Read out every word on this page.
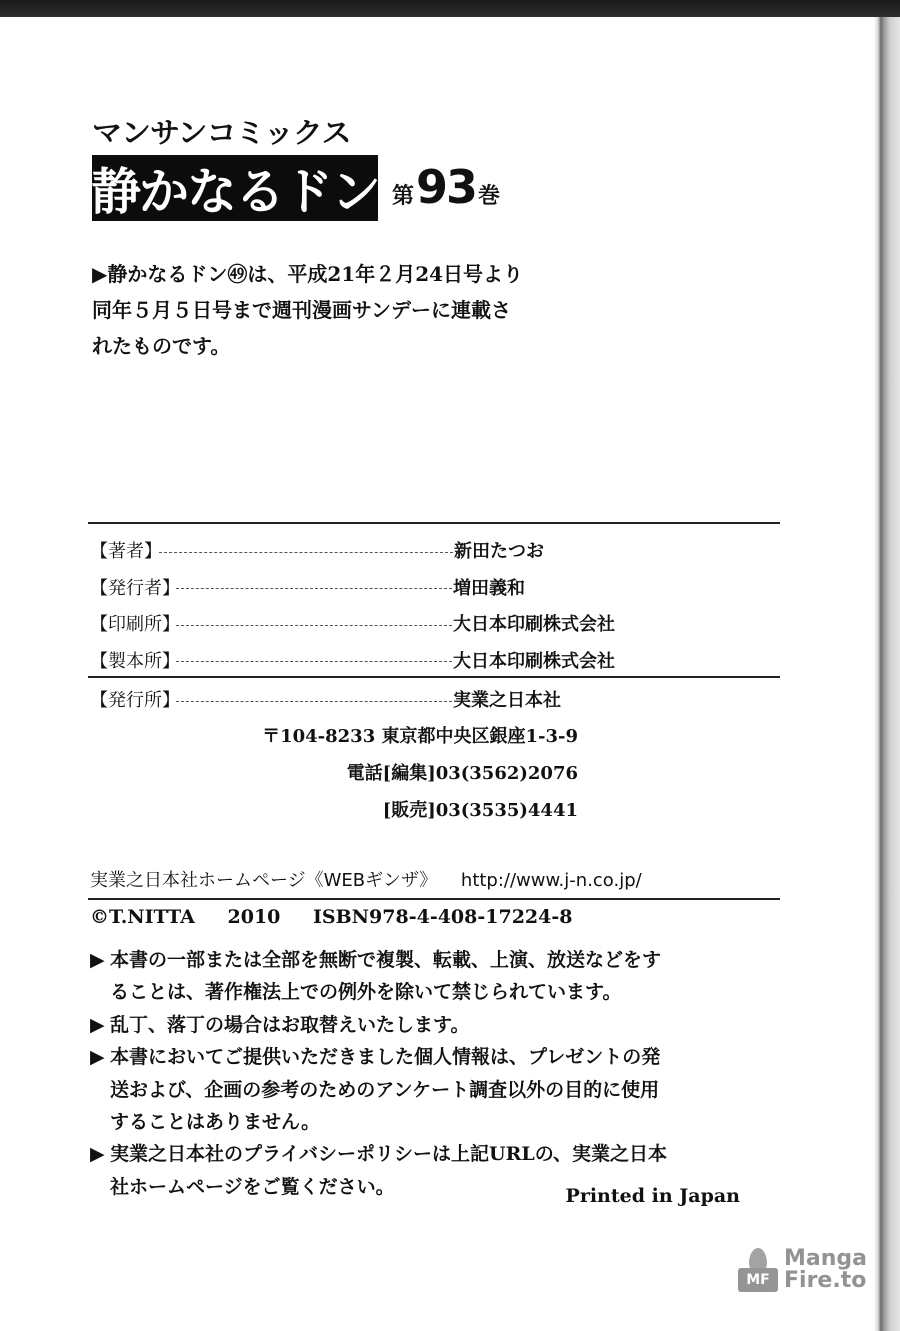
マンサンコミックス
静かなるドン 第 93 巻
▶静かなるドン㊾は、平成21年２月24日号より
同年５月５日号まで週刊漫画サンデーに連載さ
れたものです。
【著者】	新田たつお
【発行者】	増田義和
【印刷所】	大日本印刷株式会社
【製本所】	大日本印刷株式会社
【発行所】	実業之日本社
〒104-8233 東京都中央区銀座1-3-9
電話[編集]03(3562)2076
[販売]03(3535)4441
実業之日本社ホームページ《WEBギンザ》 http://www.j-n.co.jp/
©T.NITTA 2010 ISBN978-4-408-17224-8
▶ 本書の一部または全部を無断で複製、転載、上演、放送などをす
ることは、著作権法上での例外を除いて禁じられています。
▶ 乱丁、落丁の場合はお取替えいたします。
▶ 本書においてご提供いただきました個人情報は、プレゼントの発
送および、企画の参考のためのアンケート調査以外の目的に使用
することはありません。
▶ 実業之日本社のプライバシーポリシーは上記URLの、実業之日本
社ホームページをご覧ください。	Printed in Japan
MF
Manga
Fire.to
